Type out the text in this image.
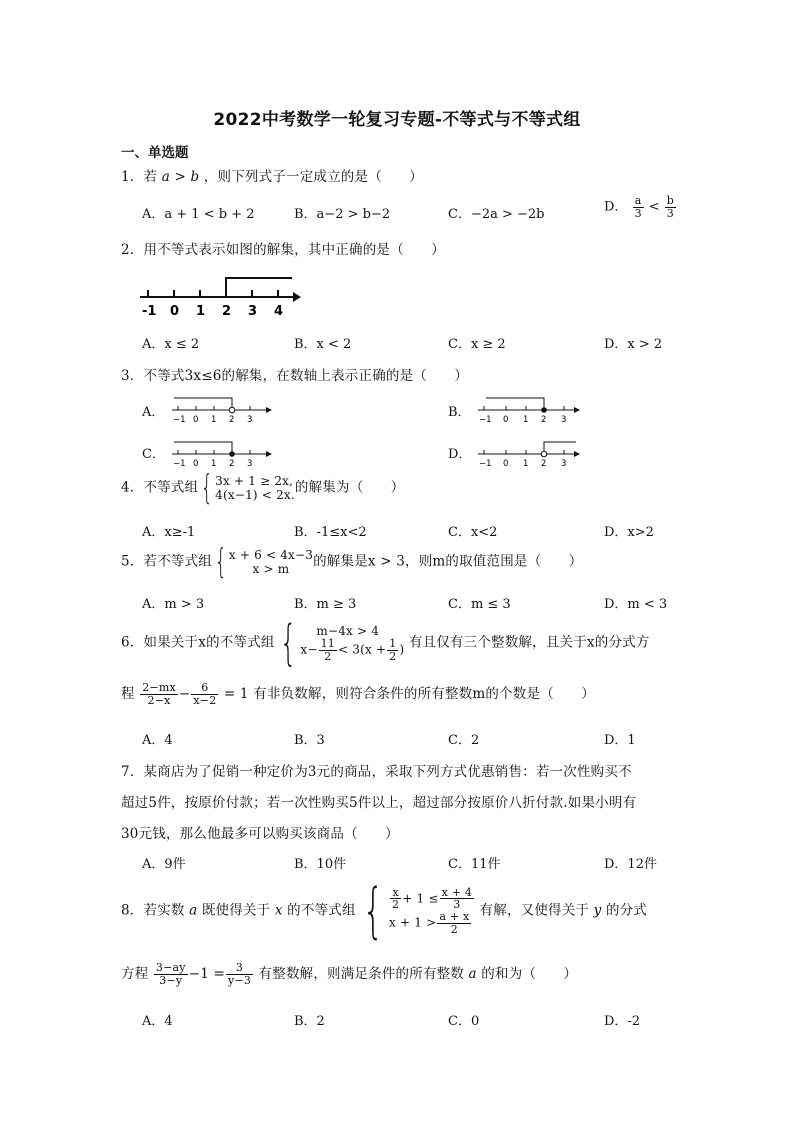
2022中考数学一轮复习专题-不等式与不等式组
一、单选题
1．若 a > b ，则下列式子一定成立的是（　　）
A．a + 1 < b + 2	B．a−2 > b−2	C．−2a > −2b	D． $\frac{a}{3} < \frac{b}{3}$
2．用不等式表示如图的解集，其中正确的是（　　）
-1 0 1 2 3 4
A．x ≤ 2	B．x < 2	C．x ≥ 2	D．x > 2
3．不等式3x≤6的解集，在数轴上表示正确的是（　　）
A． −1 0 1 2 3	B． −1 0 1 2 3
C．
−1 0 1 2 3
D．
−1 0 1 2 3
4．不等式组{ 3x + 1 ≥ 2x,
4(x−1) < 2x. 的解集为（　　）
A．x≥-1	B．-1≤x<2	C．x<2	D．x>2
5．若不等式组{ x + 6 < 4x−3
x > m	的解集是x > 3，则m的取值范围是（　　）
A．m > 3	B．m ≥ 3	C．m ≤ 3	D．m < 3
6．如果关于x的不等式组 {	m−4x > 4
$x- \frac{11}{2} < 3(x + \frac{1}{2}$ ) 有且仅有三个整数解，且关于x的分式方
程 $\frac{2-mx}{2-x} - \frac{6}{x-2} = 1$ 有非负数解，则符合条件的所有整数m的个数是（　　）
A．4	B．3	C．2	D．1
7．某商店为了促销一种定价为3元的商品，采取下列方式优惠销售：若一次性购买不
超过5件，按原价付款；若一次性购买5件以上，超过部分按原价八折付款.如果小明有
30元钱，那么他最多可以购买该商品（　　）
A．9件	B．10件	C．11件	D．12件
8．若实数 a 既使得关于 x 的不等式组 { $\frac{x}{2} + 1 \le \frac{x + 4}{3}$
$x + 1 > \frac{a + x}{2}$
有解，又使得关于 y 的分式
方程 $\frac{3-ay}{3-y} -1 = \frac{3}{y-3}$ 有整数解，则满足条件的所有整数 a 的和为（　　）
A．4	B．2	C．0	D．-2
